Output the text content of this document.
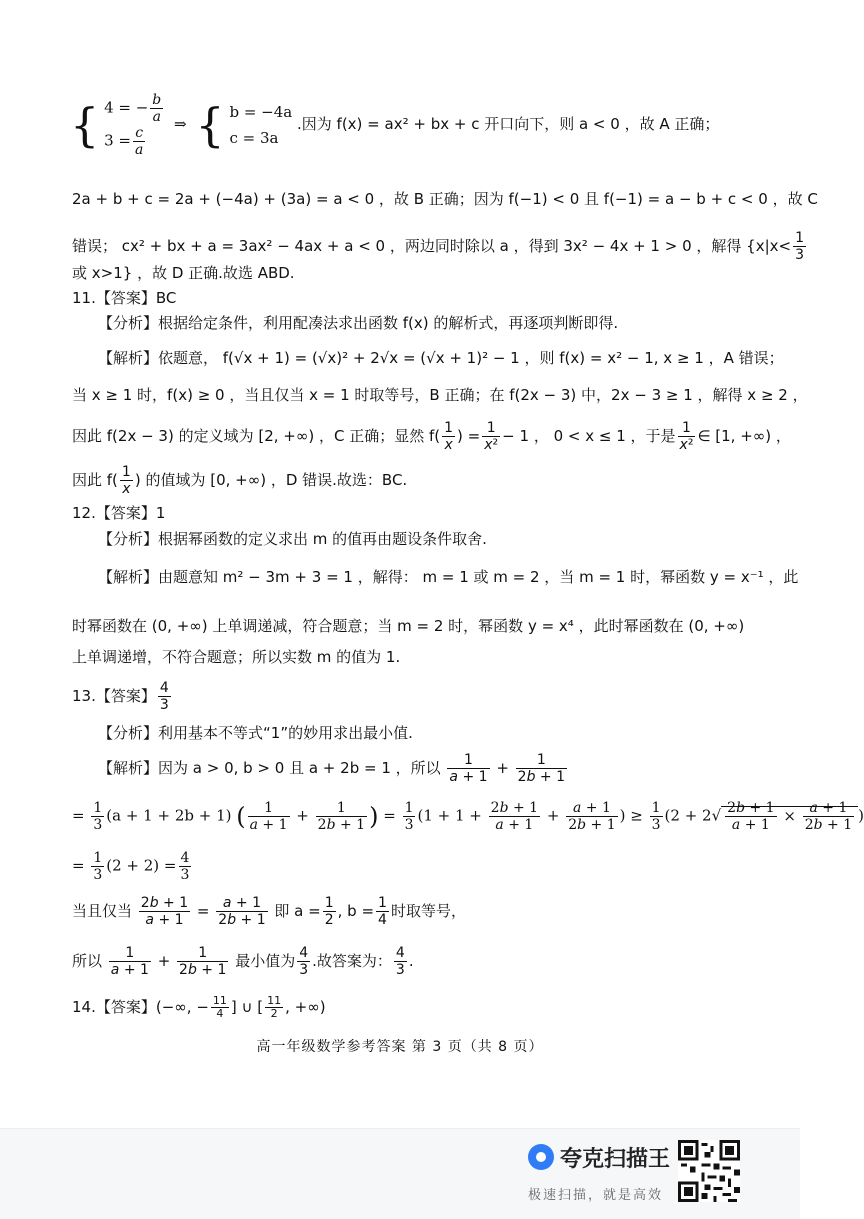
{ 4 = − $\frac{b}{a}$
$3 = \frac{c}{a}$
⇒ { b = −4a
c = 3a
.因为 f(x) = ax² + bx + c 开口向下，则 a < 0 ，故 A 正确；
2a + b + c = 2a + (−4a) + (3a) = a < 0 ，故 B 正确；因为 f(−1) < 0 且 f(−1) = a − b + c < 0 ，故 C
错误； cx² + bx + a = 3ax² − 4ax + a < 0 ，两边同时除以 a ，得到 3x² − 4x + 1 > 0 ，解得 {$x|x< \frac{1}{3}$
或 x>1} ，故 D 正确.故选 ABD.
11.【答案】BC
【分析】根据给定条件，利用配凑法求出函数 f(x) 的解析式，再逐项判断即得.
【解析】依题意， f(√x + 1) = (√x)² + 2√x = (√x + 1)² − 1 ，则 f(x) = x² − 1, x ≥ 1 ，A 错误；
当 x ≥ 1 时，f(x) ≥ 0 ，当且仅当 x = 1 时取等号，B 正确；在 f(2x − 3) 中，2x − 3 ≥ 1 ，解得 x ≥ 2 ，
因此 f(2x − 3) 的定义域为 [2, +∞) ，C 正确；显然 $f( \frac{1}{x}$ ) = $\frac{1}{\text{x²}} - 1$ ， 0 < x ≤ 1 ，于是 $\frac{1}{\text{x²}}$ ∈ [1, +∞) ，
因此 $f( \frac{1}{x}$ ) 的值域为 [0, +∞) ，D 错误.故选：BC.
12.【答案】1
【分析】根据幂函数的定义求出 m 的值再由题设条件取舍.
【解析】由题意知 m² − 3m + 3 = 1 ，解得： m = 1 或 m = 2 ，当 m = 1 时，幂函数 y = x⁻¹ ，此
时幂函数在 (0, +∞) 上单调递减，符合题意；当 m = 2 时，幂函数 y = x⁴ ，此时幂函数在 (0, +∞)
上单调递增，不符合题意；所以实数 m 的值为 1.
13.【答案】 $\frac{4}{3}$
【分析】利用基本不等式“1”的妙用求出最小值.
【解析】因为 a > 0, b > 0 且 a + 2b = 1 ，所以 $\frac{1}{a + 1} + \frac{1}{2b + 1}$
= $\frac{1}{3} (a + 1 + 2b + 1)$ ( $\frac{1}{a + 1} + \frac{1}{2b + 1}$ ) = $\frac{1}{3} (1 + 1 + \frac{2b + 1}{a + 1} + \frac{a + 1}{2b + 1}$ ) ≥ $\frac{1}{3} (2 + 2√ \frac{2b + 1}{a + 1} \times \frac{a + 1}{2b + 1}$ )
= $\frac{1}{3} (2 + 2) = \frac{4}{3}$
当且仅当 $\frac{2b + 1}{a + 1} = \frac{a + 1}{2b + 1}$ 即 $a = \frac{1}{2}$ , $b = \frac{1}{4}$ 时取等号，
所以 $\frac{1}{a + 1} + \frac{1}{2b + 1}$ 最小值为 $\frac{4}{3}$ .故答案为： $\frac{4}{3}$ .
14.【答案】(−∞, − $\frac{11}{4}$ ] ∪ [ $\frac{11}{2}$ , +∞)
高一年级数学参考答案 第 3 页（共 8 页）
夸克扫描王
极速扫描，就是高效
